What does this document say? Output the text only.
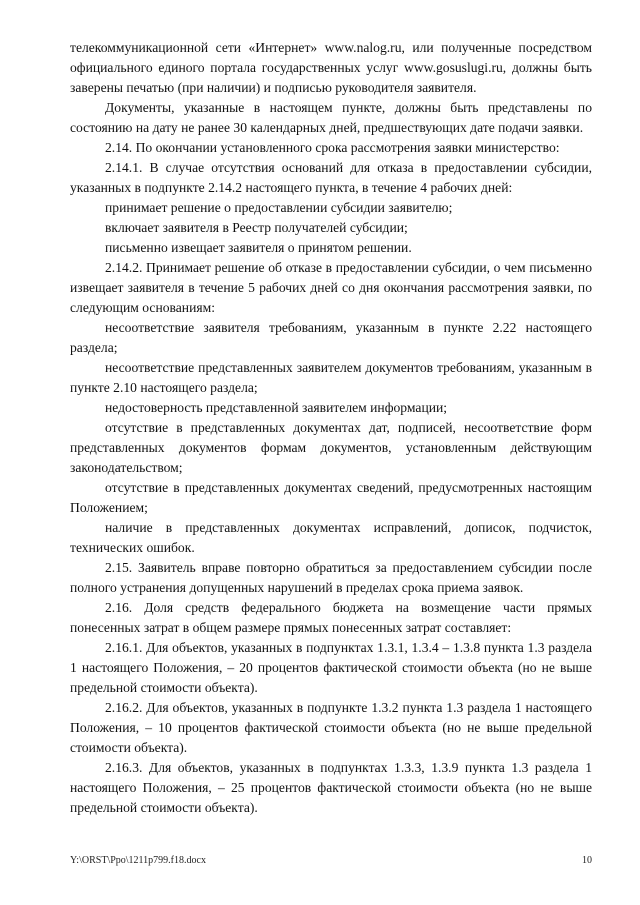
телекоммуникационной сети «Интернет» www.nalog.ru, или полученные посредством официального единого портала государственных услуг www.gosuslugi.ru, должны быть заверены печатью (при наличии) и подписью руководителя заявителя.

Документы, указанные в настоящем пункте, должны быть представлены по состоянию на дату не ранее 30 календарных дней, предшествующих дате подачи заявки.

2.14. По окончании установленного срока рассмотрения заявки министерство:

2.14.1. В случае отсутствия оснований для отказа в предоставлении субсидии, указанных в подпункте 2.14.2 настоящего пункта, в течение 4 рабочих дней:

принимает решение о предоставлении субсидии заявителю;

включает заявителя в Реестр получателей субсидии;

письменно извещает заявителя о принятом решении.

2.14.2. Принимает решение об отказе в предоставлении субсидии, о чем письменно извещает заявителя в течение 5 рабочих дней со дня окончания рассмотрения заявки, по следующим основаниям:

несоответствие заявителя требованиям, указанным в пункте 2.22 настоящего раздела;

несоответствие представленных заявителем документов требованиям, указанным в пункте 2.10 настоящего раздела;

недостоверность представленной заявителем информации;

отсутствие в представленных документах дат, подписей, несоответствие форм представленных документов формам документов, установленным действующим законодательством;

отсутствие в представленных документах сведений, предусмотренных настоящим Положением;

наличие в представленных документах исправлений, дописок, подчисток, технических ошибок.

2.15. Заявитель вправе повторно обратиться за предоставлением субсидии после полного устранения допущенных нарушений в пределах срока приема заявок.

2.16. Доля средств федерального бюджета на возмещение части прямых понесенных затрат в общем размере прямых понесенных затрат составляет:

2.16.1. Для объектов, указанных в подпунктах 1.3.1, 1.3.4 – 1.3.8 пункта 1.3 раздела 1 настоящего Положения, – 20 процентов фактической стоимости объекта (но не выше предельной стоимости объекта).

2.16.2. Для объектов, указанных в подпункте 1.3.2 пункта 1.3 раздела 1 настоящего Положения, – 10 процентов фактической стоимости объекта (но не выше предельной стоимости объекта).

2.16.3. Для объектов, указанных в подпунктах 1.3.3, 1.3.9 пункта 1.3 раздела 1 настоящего Положения, – 25 процентов фактической стоимости объекта (но не выше предельной стоимости объекта).

Y:\ORST\Ppo\1211p799.f18.docx	10
